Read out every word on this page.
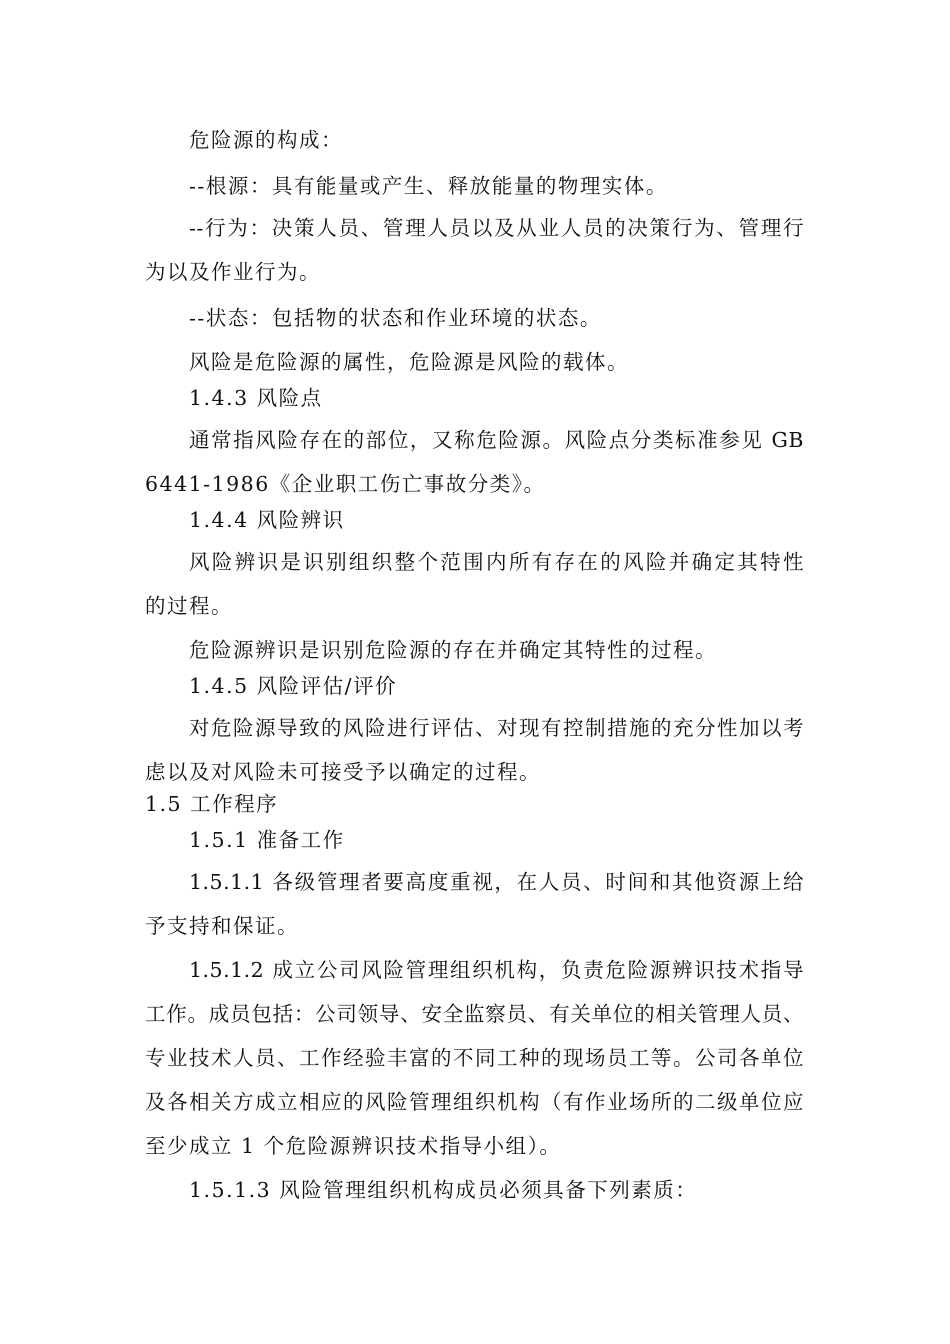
危险源的构成：
--根源：具有能量或产生、释放能量的物理实体。
--行为：决策人员、管理人员以及从业人员的决策行为、管理行
为以及作业行为。
--状态：包括物的状态和作业环境的状态。
风险是危险源的属性，危险源是风险的载体。
1.4.3 风险点
通常指风险存在的部位，又称危险源。风险点分类标准参见 GB
6441-1986《企业职工伤亡事故分类》。
1.4.4 风险辨识
风险辨识是识别组织整个范围内所有存在的风险并确定其特性
的过程。
危险源辨识是识别危险源的存在并确定其特性的过程。
1.4.5 风险评估/评价
对危险源导致的风险进行评估、对现有控制措施的充分性加以考
虑以及对风险未可接受予以确定的过程。
1.5 工作程序
1.5.1 准备工作
1.5.1.1 各级管理者要高度重视，在人员、时间和其他资源上给
予支持和保证。
1.5.1.2 成立公司风险管理组织机构，负责危险源辨识技术指导
工作。成员包括：公司领导、安全监察员、有关单位的相关管理人员、
专业技术人员、工作经验丰富的不同工种的现场员工等。公司各单位
及各相关方成立相应的风险管理组织机构（有作业场所的二级单位应
至少成立 1 个危险源辨识技术指导小组）。
1.5.1.3 风险管理组织机构成员必须具备下列素质：
